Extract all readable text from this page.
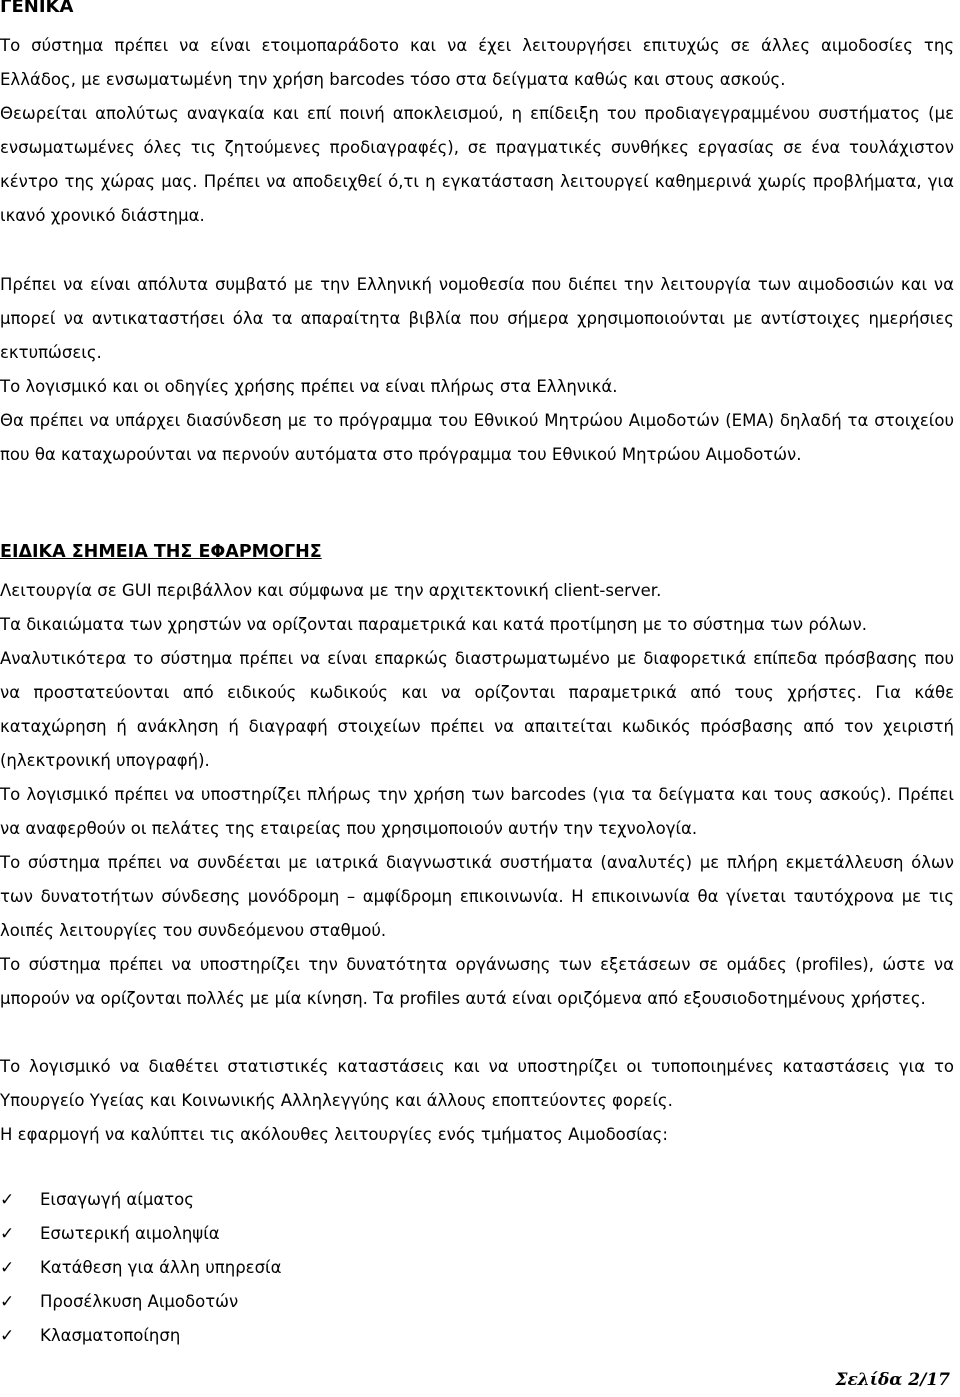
ΓΕΝΙΚΑ

Το σύστημα πρέπει να είναι ετοιμοπαράδοτο και να έχει λειτουργήσει επιτυχώς σε άλλες αιμοδοσίες της Ελλάδος, με ενσωματωμένη την χρήση barcodes τόσο στα δείγματα καθώς και στους ασκούς.

Θεωρείται απολύτως αναγκαία και επί ποινή αποκλεισμού, η επίδειξη του προδιαγεγραμμένου συστήματος (με ενσωματωμένες όλες τις ζητούμενες προδιαγραφές), σε πραγματικές συνθήκες εργασίας σε ένα τουλάχιστον κέντρο της χώρας μας. Πρέπει να αποδειχθεί ό,τι η εγκατάσταση λειτουργεί καθημερινά χωρίς προβλήματα, για ικανό χρονικό διάστημα.

Πρέπει να είναι απόλυτα συμβατό με την Ελληνική νομοθεσία που διέπει την λειτουργία των αιμοδοσιών και να μπορεί να αντικαταστήσει όλα τα απαραίτητα βιβλία που σήμερα χρησιμοποιούνται με αντίστοιχες ημερήσιες εκτυπώσεις.

Το λογισμικό και οι οδηγίες χρήσης πρέπει να είναι πλήρως στα Ελληνικά.

Θα πρέπει να υπάρχει διασύνδεση με το πρόγραμμα του Εθνικού Μητρώου Αιμοδοτών (ΕΜΑ) δηλαδή τα στοιχείου που θα καταχωρούνται να περνούν αυτόματα στο πρόγραμμα του Εθνικού Μητρώου Αιμοδοτών.

ΕΙΔΙΚΑ ΣΗΜΕΙΑ ΤΗΣ ΕΦΑΡΜΟΓΗΣ

Λειτουργία σε GUI περιβάλλον και σύμφωνα με την αρχιτεκτονική client-server.

Τα δικαιώματα των χρηστών να ορίζονται παραμετρικά και κατά προτίμηση με το σύστημα των ρόλων.

Αναλυτικότερα το σύστημα πρέπει να είναι επαρκώς διαστρωματωμένο με διαφορετικά επίπεδα πρόσβασης που να προστατεύονται από ειδικούς κωδικούς και να ορίζονται παραμετρικά από τους χρήστες. Για κάθε καταχώρηση ή ανάκληση ή διαγραφή στοιχείων πρέπει να απαιτείται κωδικός πρόσβασης από τον χειριστή (ηλεκτρονική υπογραφή).

Το λογισμικό πρέπει να υποστηρίζει πλήρως την χρήση των barcodes (για τα δείγματα και τους ασκούς). Πρέπει να αναφερθούν οι πελάτες της εταιρείας που χρησιμοποιούν αυτήν την τεχνολογία.

Το σύστημα πρέπει να συνδέεται με ιατρικά διαγνωστικά συστήματα (αναλυτές) με πλήρη εκμετάλλευση όλων των δυνατοτήτων σύνδεσης μονόδρομη – αμφίδρομη επικοινωνία. Η επικοινωνία θα γίνεται ταυτόχρονα με τις λοιπές λειτουργίες του συνδεόμενου σταθμού.

Το σύστημα πρέπει να υποστηρίζει την δυνατότητα οργάνωσης των εξετάσεων σε ομάδες (profiles), ώστε να μπορούν να ορίζονται πολλές με μία κίνηση. Τα profiles αυτά είναι οριζόμενα από εξουσιοδοτημένους χρήστες.

Το λογισμικό να διαθέτει στατιστικές καταστάσεις και να υποστηρίζει οι τυποποιημένες καταστάσεις για το Υπουργείο Υγείας και Κοινωνικής Αλληλεγγύης και άλλους εποπτεύοντες φορείς.

Η εφαρμογή να καλύπτει τις ακόλουθες λειτουργίες ενός τμήματος Αιμοδοσίας:

✓ Εισαγωγή αίματος
✓ Εσωτερική αιμοληψία
✓ Κατάθεση για άλλη υπηρεσία
✓ Προσέλκυση Αιμοδοτών
✓ Κλασματοποίηση
Σελίδα 2/17
